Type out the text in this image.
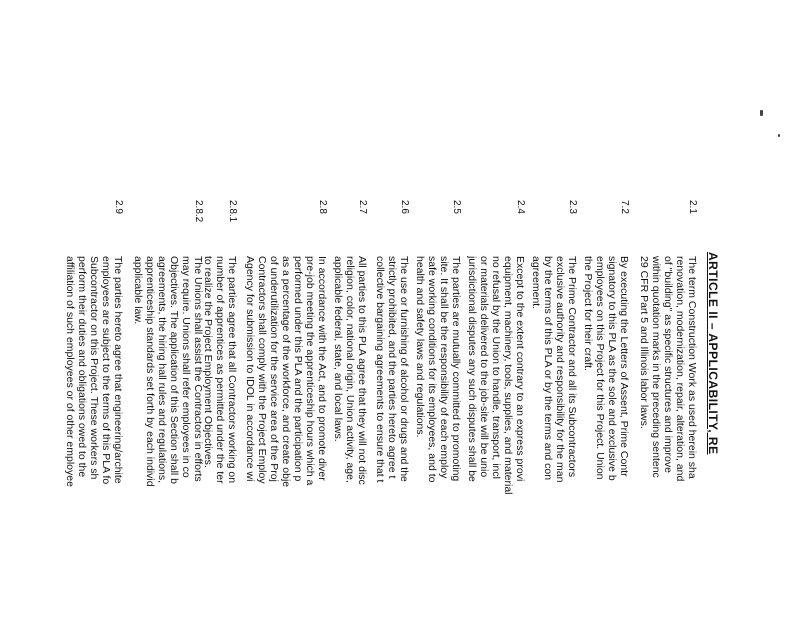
ARTICLE II – APPLICABILITY, RE
2.1
The term Construction Work as used herein sha
renovation, modernization, repair, alteration, and
of "building" as specific structures and improve
within quotation marks in the preceding sentenc
29 CFR Part 5 and Illinois labor laws.
7.2
By executing the Letters of Assent, Prime Contr
signatory to this PLA as the sole and exclusive b
employees on this Project for this Project. Union
the Project for their craft.
2.3
The Prime Contractor and all its Subcontractors
exclusive authority and responsibility for the man
by the terms of this PLA or by the terms and con
agreement.
2.4
Except to the extent contrary to an express provi
equipment, machinery, tools, supplies, and material
no refusal by the Union to handle, transport, incl
or materials delivered to the job-site will be unio
jurisdictional disputes any such disputes shall be
2.5
The parties are mutually committed to promoting
site. It shall be the responsibility of each employ
safe working conditions for its employees, and to
health and safety laws and regulations.
2.6
The use or furnishing of alcohol or drugs and the
strictly prohibited, and the parties hereto agree t
collective bargaining agreements to ensure that t
2.7
All parties to this PLA agree that they will not disc
religion, color, national origin, Union activity, age,
applicable federal, state, and local laws.
2.8
In accordance with the Act, and to promote diver
pre-job meeting the apprenticeship hours which a
performed under this PLA and the participation p
as a percentage of the workforce, and create obje
of underutilization for the service area of the Proj
Contractors shall comply with the Project Employ
Agency for submission to IDOL in accordance wi
2.8.1
The parties agree that all Contractors working on
number of apprentices as permitted under the ter
to realize the Project Employment Objectives.
2.8.2
The Unions shall assist the Contractors in efforts
may require. Unions shall refer employees in co
Objectives. The application of this Section shall b
agreements, the hiring hall rules and regulations,
apprenticeship standards set forth by each individ
applicable law.
2.9
The parties hereto agree that engineering/archite
employees are subject to the terms of this PLA fo
Subcontractor on this Project. These workers sh
perform their duties and obligations owed to the
affiliation of such employees or of other employee
